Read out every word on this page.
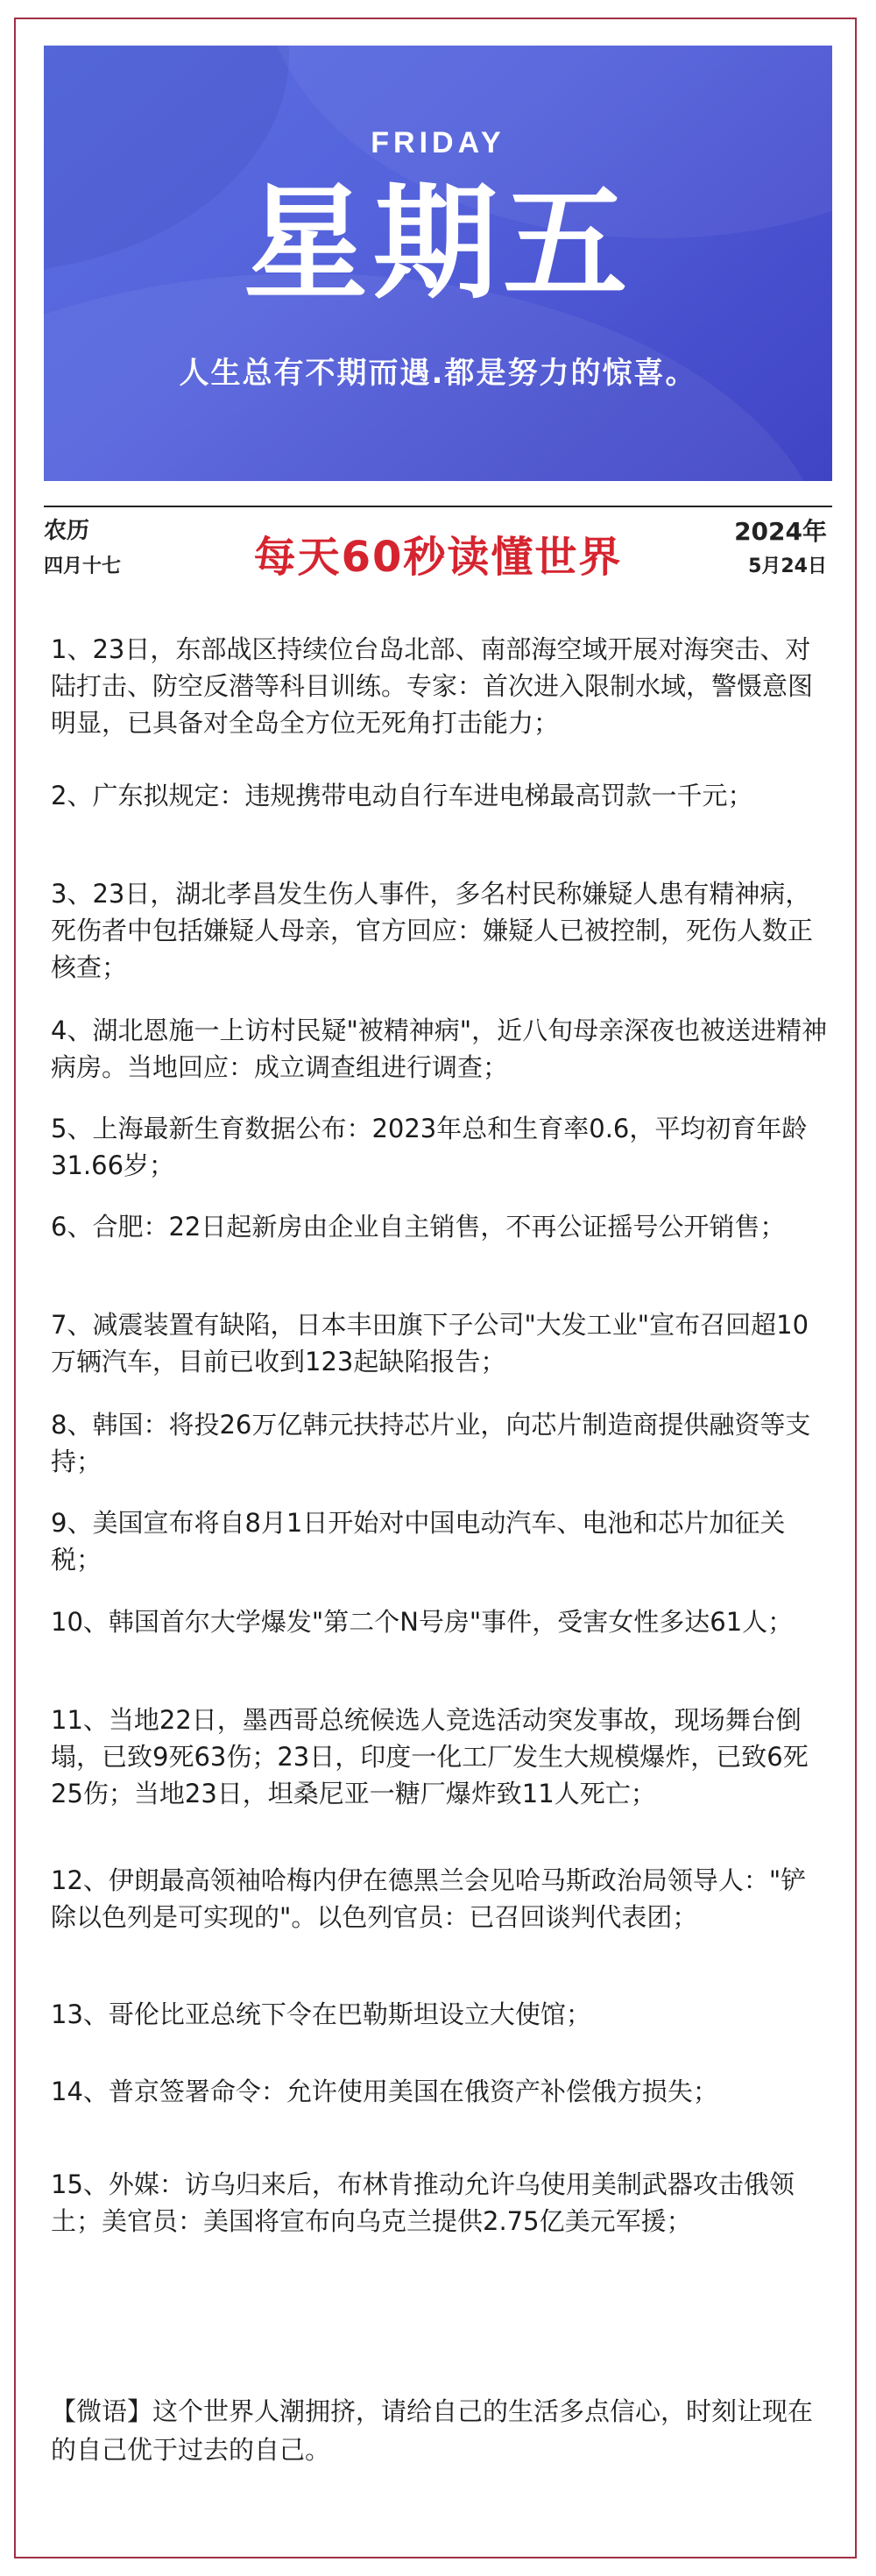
FRIDAY
星期五
人生总有不期而遇.都是努力的惊喜。
农历
四月十七	每天60秒读懂世界
2024年
5月24日
1、23日，东部战区持续位台岛北部、南部海空域开展对海突击、对陆打击、防空反潜等科目训练。专家：首次进入限制水域，警慑意图明显，已具备对全岛全方位无死角打击能力；
2、广东拟规定：违规携带电动自行车进电梯最高罚款一千元；
3、23日，湖北孝昌发生伤人事件，多名村民称嫌疑人患有精神病，死伤者中包括嫌疑人母亲，官方回应：嫌疑人已被控制，死伤人数正核查；
4、湖北恩施一上访村民疑"被精神病"，近八旬母亲深夜也被送进精神病房。当地回应：成立调查组进行调查；
5、上海最新生育数据公布：2023年总和生育率0.6，平均初育年龄31.66岁；
6、合肥：22日起新房由企业自主销售，不再公证摇号公开销售；
7、减震装置有缺陷，日本丰田旗下子公司"大发工业"宣布召回超10万辆汽车，目前已收到123起缺陷报告；
8、韩国：将投26万亿韩元扶持芯片业，向芯片制造商提供融资等支持；
9、美国宣布将自8月1日开始对中国电动汽车、电池和芯片加征关税；
10、韩国首尔大学爆发"第二个N号房"事件，受害女性多达61人；
11、当地22日，墨西哥总统候选人竞选活动突发事故，现场舞台倒塌，已致9死63伤；23日，印度一化工厂发生大规模爆炸，已致6死25伤；当地23日，坦桑尼亚一糖厂爆炸致11人死亡；
12、伊朗最高领袖哈梅内伊在德黑兰会见哈马斯政治局领导人："铲除以色列是可实现的"。以色列官员：已召回谈判代表团；
13、哥伦比亚总统下令在巴勒斯坦设立大使馆；
14、普京签署命令：允许使用美国在俄资产补偿俄方损失；
15、外媒：访乌归来后，布林肯推动允许乌使用美制武器攻击俄领土；美官员：美国将宣布向乌克兰提供2.75亿美元军援；
【微语】这个世界人潮拥挤，请给自己的生活多点信心，时刻让现在的自己优于过去的自己。
